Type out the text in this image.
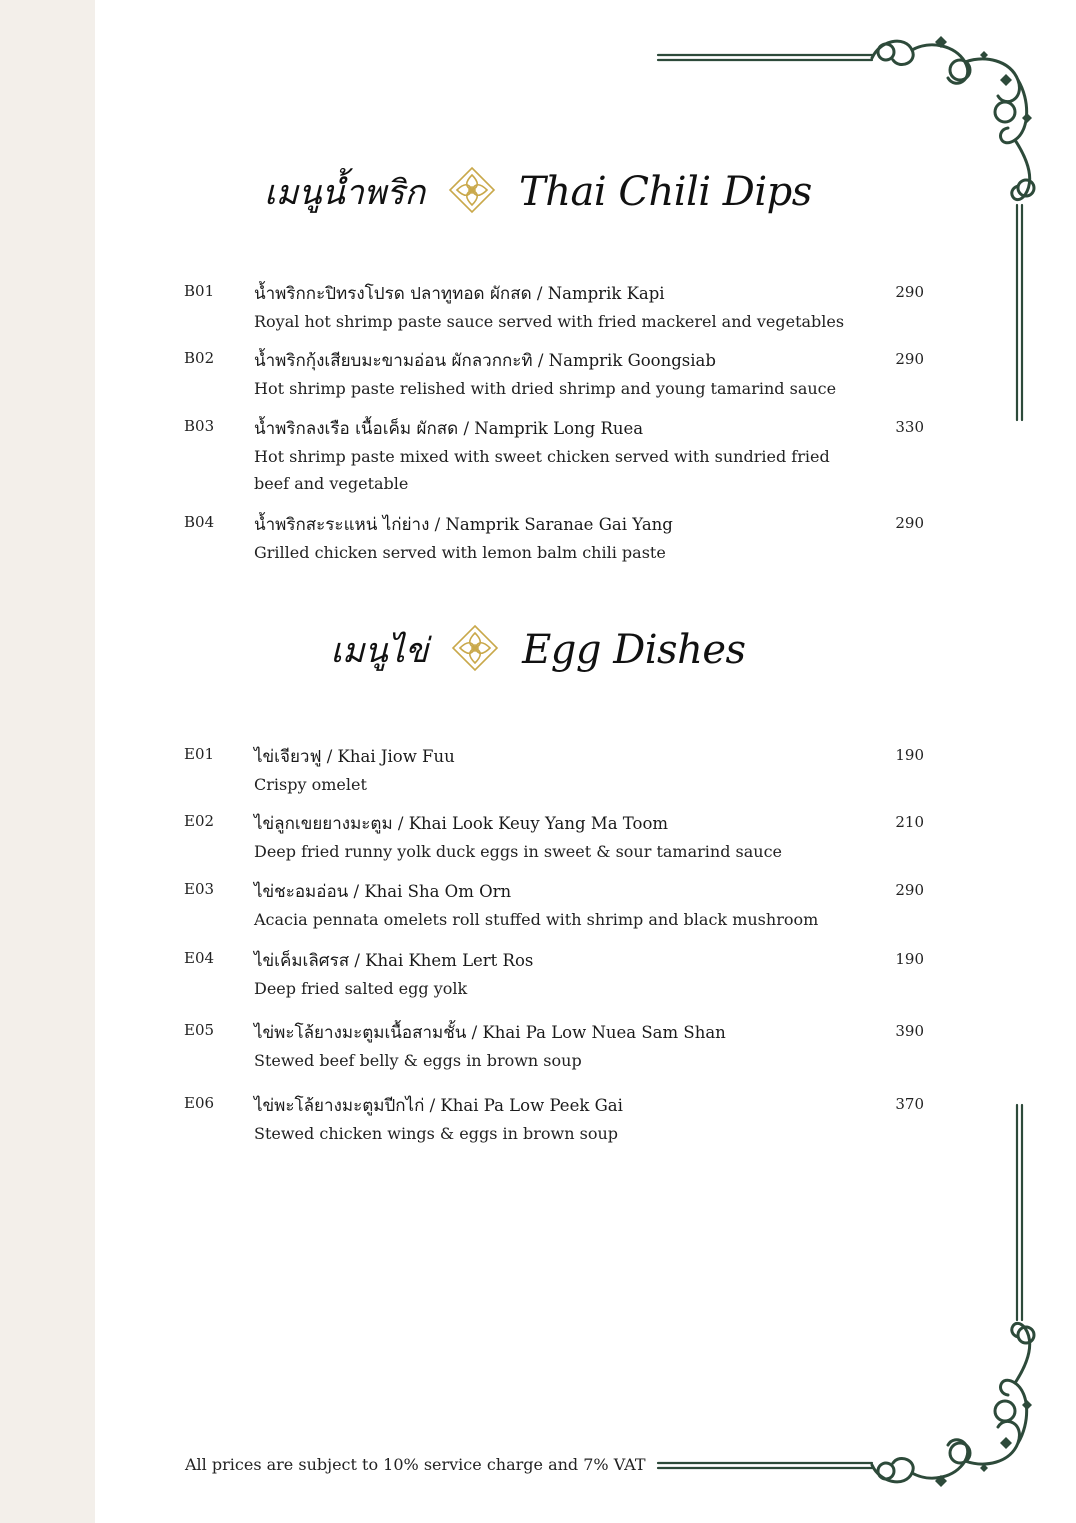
เมนูน้ำพริก Thai Chili Dips
B01 น้ำพริกกะปิทรงโปรด ปลาทูทอด ผักสด / Namprik Kapi	290
Royal hot shrimp paste sauce served with fried mackerel and vegetables
B02 น้ำพริกกุ้งเสียบมะขามอ่อน ผักลวกกะทิ / Namprik Goongsiab	290
Hot shrimp paste relished with dried shrimp and young tamarind sauce
B03 น้ำพริกลงเรือ เนื้อเค็ม ผักสด / Namprik Long Ruea	330
Hot shrimp paste mixed with sweet chicken served with sundried fried beef and vegetable
B04 น้ำพริกสะระแหน่ ไก่ย่าง / Namprik Saranae Gai Yang	290
Grilled chicken served with lemon balm chili paste
เมนูไข่ Egg Dishes
E01 ไข่เจียวฟู / Khai Jiow Fuu	190
Crispy omelet
E02 ไข่ลูกเขยยางมะตูม / Khai Look Keuy Yang Ma Toom	210
Deep fried runny yolk duck eggs in sweet & sour tamarind sauce
E03 ไข่ชะอมอ่อน / Khai Sha Om Orn	290
Acacia pennata omelets roll stuffed with shrimp and black mushroom
E04 ไข่เค็มเลิศรส / Khai Khem Lert Ros	190
Deep fried salted egg yolk
E05 ไข่พะโล้ยางมะตูมเนื้อสามชั้น / Khai Pa Low Nuea Sam Shan	390
Stewed beef belly & eggs in brown soup
E06 ไข่พะโล้ยางมะตูมปีกไก่ / Khai Pa Low Peek Gai	370
Stewed chicken wings & eggs in brown soup
All prices are subject to 10% service charge and 7% VAT
